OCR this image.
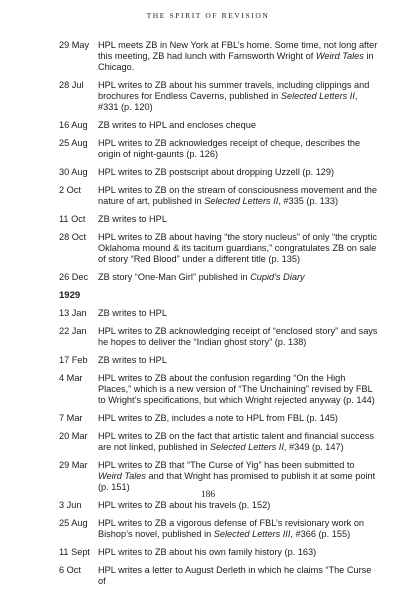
THE SPIRIT OF REVISION
29 May HPL meets ZB in New York at FBL’s home. Some time, not long after this meeting, ZB had lunch with Farnsworth Wright of Weird Tales in Chicago.
28 Jul	HPL writes to ZB about his summer travels, including clippings and brochures for Endless Caverns, published in Selected Letters II, #331 (p. 120)
16 Aug	ZB writes to HPL and encloses cheque
25 Aug	HPL writes to ZB acknowledges receipt of cheque, describes the origin of night-gaunts (p. 126)
30 Aug	HPL writes to ZB postscript about dropping Uzzell (p. 129)
2 Oct	HPL writes to ZB on the stream of consciousness movement and the nature of art, published in Selected Letters II, #335 (p. 133)
11 Oct	ZB writes to HPL
28 Oct	HPL writes to ZB about having “the story nucleus” of only “the cryptic Oklahoma mound & its taciturn guardians,” congratulates ZB on sale of story “Red Blood” under a different title (p. 135)
26 Dec	ZB story “One-Man Girl” published in Cupid’s Diary
1929
13 Jan	ZB writes to HPL
22 Jan	HPL writes to ZB acknowledging receipt of “enclosed story” and says he hopes to deliver the “Indian ghost story” (p. 138)
17 Feb	ZB writes to HPL
4 Mar	HPL writes to ZB about the confusion regarding “On the High Places,” which is a new version of “The Unchaining” revised by FBL to Wright’s specifications, but which Wright rejected anyway (p. 144)
7 Mar	HPL writes to ZB, includes a note to HPL from FBL (p. 145)
20 Mar	HPL writes to ZB on the fact that artistic talent and financial success are not linked, published in Selected Letters II, #349 (p. 147)
29 Mar	HPL writes to ZB that “The Curse of Yig” has been submitted to Weird Tales and that Wright has promised to publish it at some point (p. 151)
3 Jun	HPL writes to ZB about his travels (p. 152)
25 Aug	HPL writes to ZB a vigorous defense of FBL’s revisionary work on Bishop’s novel, published in Selected Letters III, #366 (p. 155)
11 Sept HPL writes to ZB about his own family history (p. 163)
6 Oct	HPL writes a letter to August Derleth in which he claims “The Curse of
186
